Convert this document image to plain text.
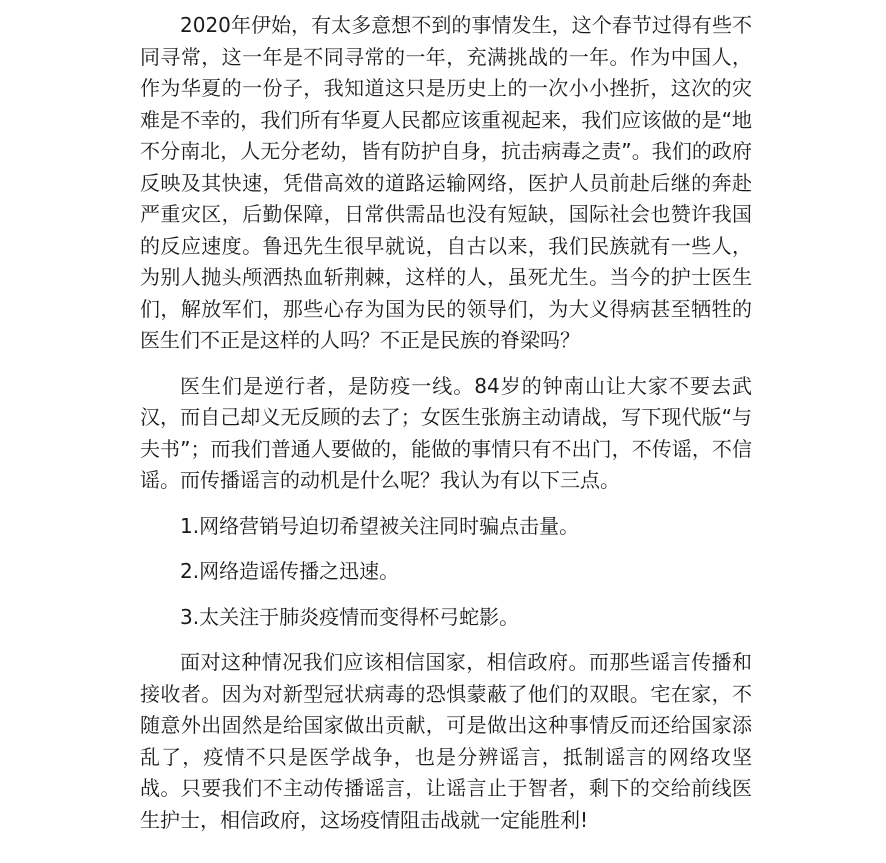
2020年伊始，有太多意想不到的事情发生，这个春节过得有些不同寻常，这一年是不同寻常的一年，充满挑战的一年。作为中国人，作为华夏的一份子，我知道这只是历史上的一次小小挫折，这次的灾难是不幸的，我们所有华夏人民都应该重视起来，我们应该做的是“地不分南北，人无分老幼，皆有防护自身，抗击病毒之责”。我们的政府反映及其快速，凭借高效的道路运输网络，医护人员前赴后继的奔赴严重灾区，后勤保障，日常供需品也没有短缺，国际社会也赞许我国的反应速度。鲁迅先生很早就说，自古以来，我们民族就有一些人，为别人抛头颅洒热血斩荆棘，这样的人，虽死尤生。当今的护士医生们，解放军们，那些心存为国为民的领导们，为大义得病甚至牺牲的医生们不正是这样的人吗？不正是民族的脊梁吗？

医生们是逆行者，是防疫一线。84岁的钟南山让大家不要去武汉，而自己却义无反顾的去了；女医生张旃主动请战，写下现代版“与夫书”；而我们普通人要做的，能做的事情只有不出门，不传谣，不信谣。而传播谣言的动机是什么呢？我认为有以下三点。

1.网络营销号迫切希望被关注同时骗点击量。

2.网络造谣传播之迅速。

3.太关注于肺炎疫情而变得杯弓蛇影。

面对这种情况我们应该相信国家，相信政府。而那些谣言传播和接收者。因为对新型冠状病毒的恐惧蒙蔽了他们的双眼。宅在家，不随意外出固然是给国家做出贡献，可是做出这种事情反而还给国家添乱了，疫情不只是医学战争，也是分辨谣言，抵制谣言的网络攻坚战。只要我们不主动传播谣言，让谣言止于智者，剩下的交给前线医生护士，相信政府，这场疫情阻击战就一定能胜利!
